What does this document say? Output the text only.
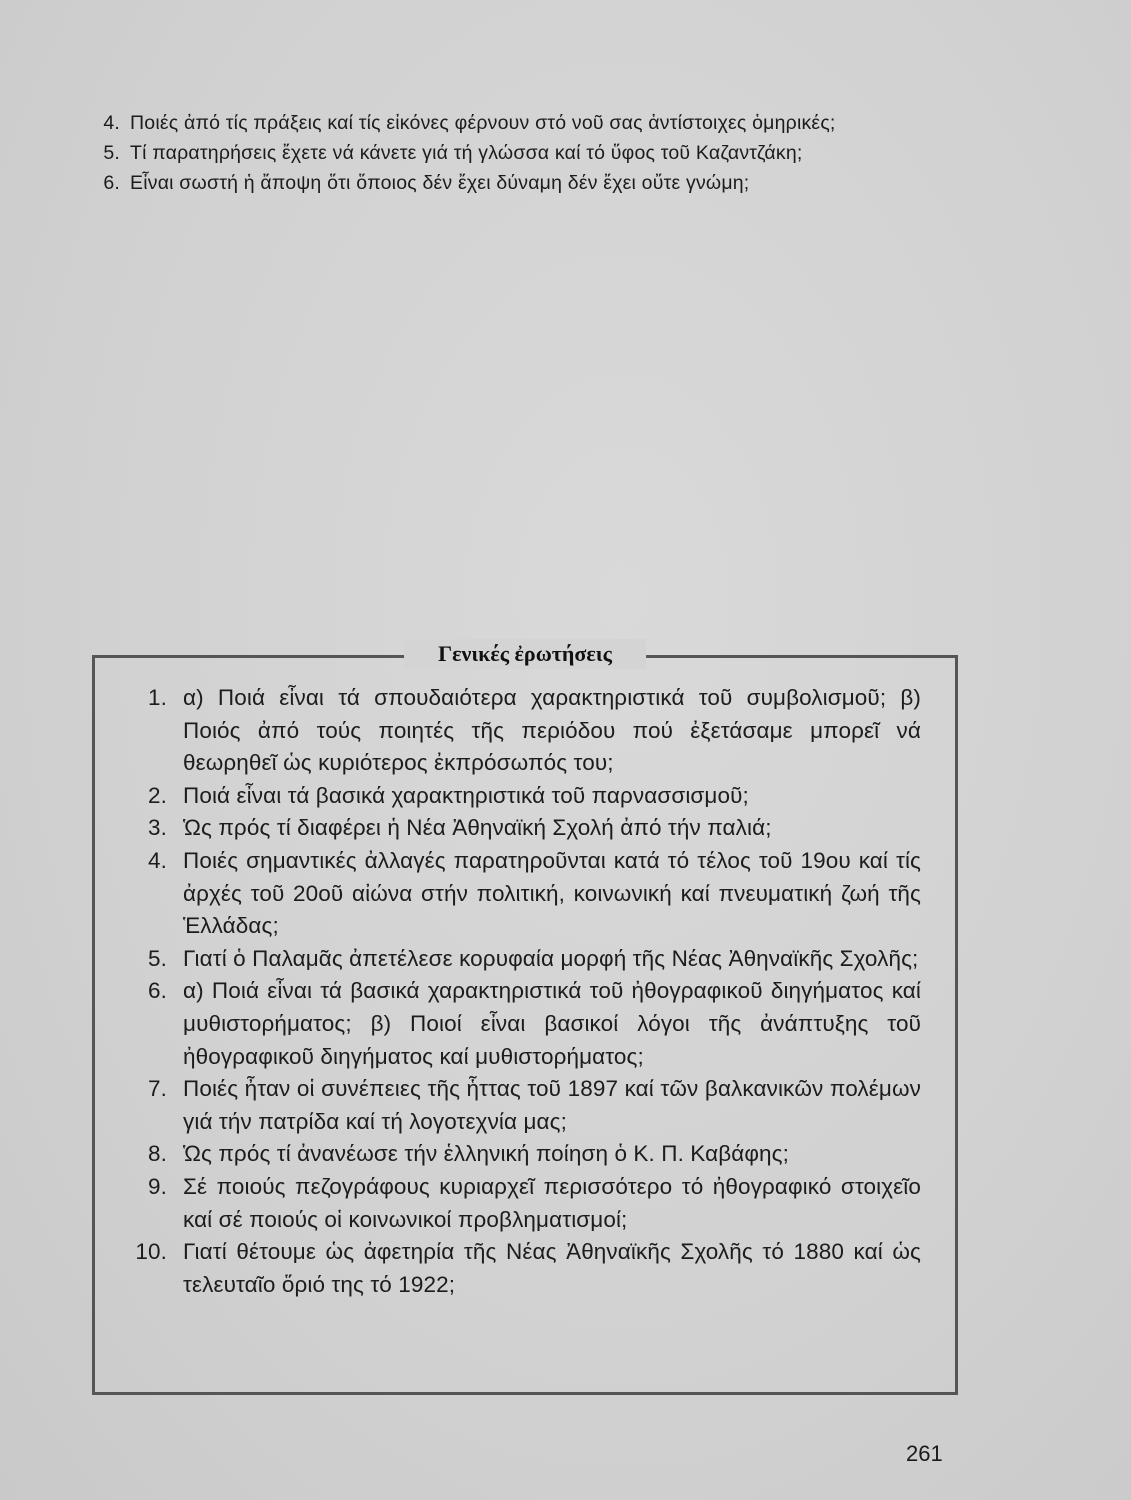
4. Ποιές ἀπό τίς πράξεις καί τίς εἰκόνες φέρνουν στό νοῦ σας ἀντίστοιχες ὁμηρικές;
5. Τί παρατηρήσεις ἔχετε νά κάνετε γιά τή γλώσσα καί τό ὕφος τοῦ Καζαντζάκη;
6. Εἶναι σωστή ἡ ἄποψη ὅτι ὅποιος δέν ἔχει δύναμη δέν ἔχει οὔτε γνώμη;
Γενικές ἐρωτήσεις
1. α) Ποιά εἶναι τά σπουδαιότερα χαρακτηριστικά τοῦ συμβολισμοῦ; β) Ποιός ἀπό τούς ποιητές τῆς περιόδου πού ἐξετάσαμε μπορεῖ νά θεωρηθεῖ ὡς κυριότερος ἐκπρόσωπός του;
2. Ποιά εἶναι τά βασικά χαρακτηριστικά τοῦ παρνασσισμοῦ;
3. Ὡς πρός τί διαφέρει ἡ Νέα Ἀθηναϊκή Σχολή ἀπό τήν παλιά;
4. Ποιές σημαντικές ἀλλαγές παρατηροῦνται κατά τό τέλος τοῦ 19ου καί τίς ἀρχές τοῦ 20οῦ αἰώνα στήν πολιτική, κοινωνική καί πνευματική ζωή τῆς Ἑλλάδας;
5. Γιατί ὁ Παλαμᾶς ἀπετέλεσε κορυφαία μορφή τῆς Νέας Ἀθηναϊκῆς Σχολῆς;
6. α) Ποιά εἶναι τά βασικά χαρακτηριστικά τοῦ ἠθογραφικοῦ διηγήματος καί μυθιστορήματος; β) Ποιοί εἶναι βασικοί λόγοι τῆς ἀνάπτυξης τοῦ ἠθογραφικοῦ διηγήματος καί μυθιστορήματος;
7. Ποιές ἦταν οἱ συνέπειες τῆς ἧττας τοῦ 1897 καί τῶν βαλκανικῶν πολέμων γιά τήν πατρίδα καί τή λογοτεχνία μας;
8. Ὡς πρός τί ἀνανέωσε τήν ἑλληνική ποίηση ὁ Κ. Π. Καβάφης;
9. Σέ ποιούς πεζογράφους κυριαρχεῖ περισσότερο τό ἠθογραφικό στοιχεῖο καί σέ ποιούς οἱ κοινωνικοί προβληματισμοί;
10. Γιατί θέτουμε ὡς ἀφετηρία τῆς Νέας Ἀθηναϊκῆς Σχολῆς τό 1880 καί ὡς τελευταῖο ὅριό της τό 1922;
261
